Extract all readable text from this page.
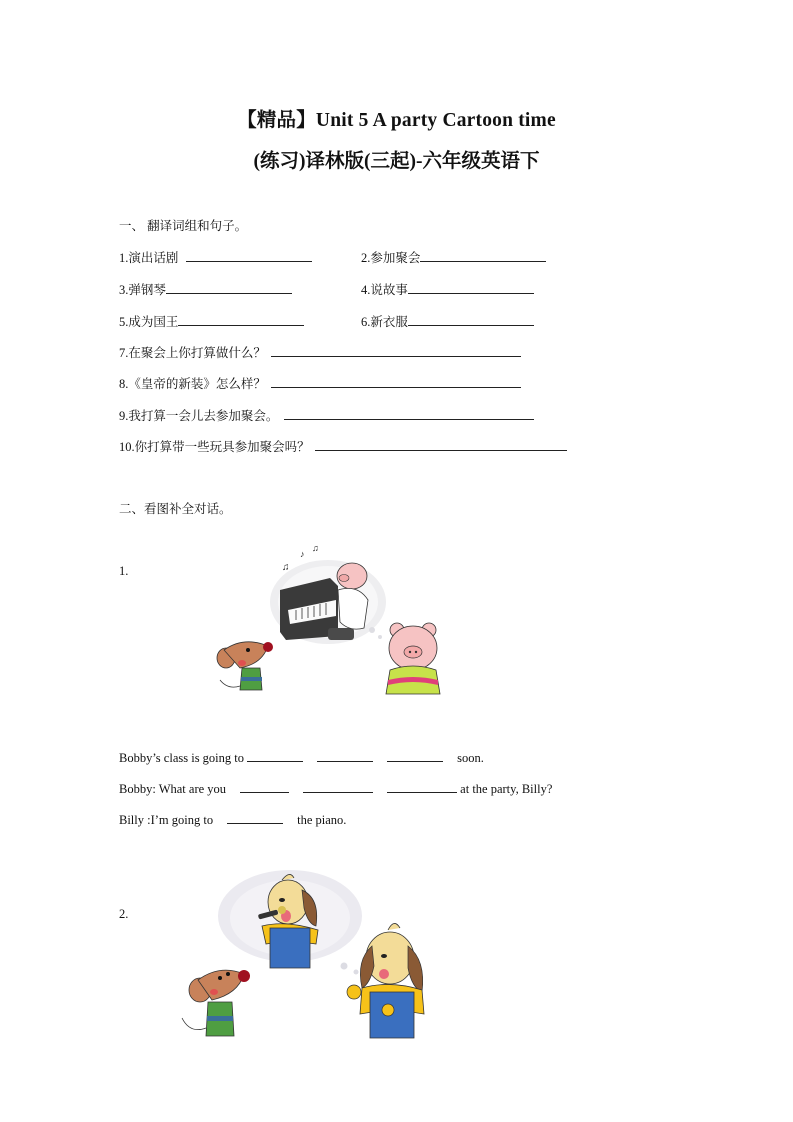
【精品】Unit 5 A party Cartoon time
(练习)译林版(三起)-六年级英语下
一、 翻译词组和句子。
1.演出话剧	2.参加聚会
3.弹钢琴	4.说故事
5.成为国王	6.新衣服
7.在聚会上你打算做什么？
8.《皇帝的新装》怎么样？
9.我打算一会儿去参加聚会。
10.你打算带一些玩具参加聚会吗？
二、看图补全对话。
1.	♫
♪
♫
Bobby’s class is going to	soon.
Bobby: What are you	at the party, Billy?
Billy :I’m going to	the piano.
2.
